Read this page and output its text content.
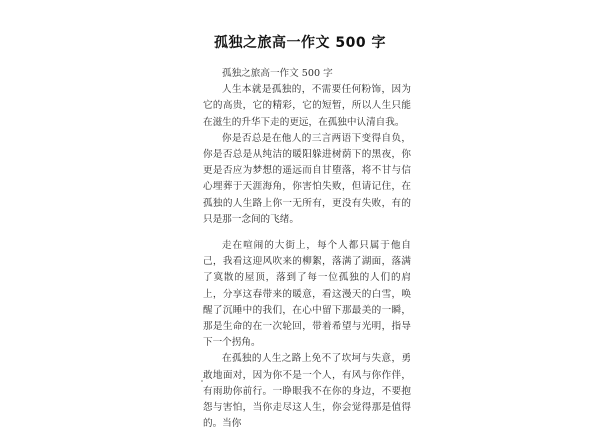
孤独之旅高一作文 500 字

孤独之旅高一作文 500 字

人生本就是孤独的，不需要任何粉饰，因为它的高贵，它的精彩，它的短暂，所以人生只能在滋生的升华下走的更远，在孤独中认清自我。

你是否总是在他人的三言两语下变得自负，你是否总是从纯洁的暖阳躲进树荫下的黑夜，你更是否应为梦想的遥远而自甘堕落，将不甘与信心埋葬于天涯海角，你害怕失败，但请记住，在孤独的人生路上你一无所有，更没有失败，有的只是那一念间的飞绪。

走在喧闹的大街上，每个人都只属于他自己，我看这迎风吹来的柳絮，落满了湖面，落满了寞散的屋顶，落到了每一位孤独的人们的肩上，分享这春带来的暖意，看这漫天的白雪，唤醒了沉睡中的我们，在心中留下那最美的一瞬，那是生命的在一次轮回，带着希望与光明，指导下一个拐角。

在孤独的人生之路上免不了坎坷与失意，勇敢地面对，因为你不是一个人，有风与你作伴，有雨助你前行。一睁眼我不在你的身边，不要抱怨与害怕，当你走尽这人生，你会觉得那是值得的。当你
